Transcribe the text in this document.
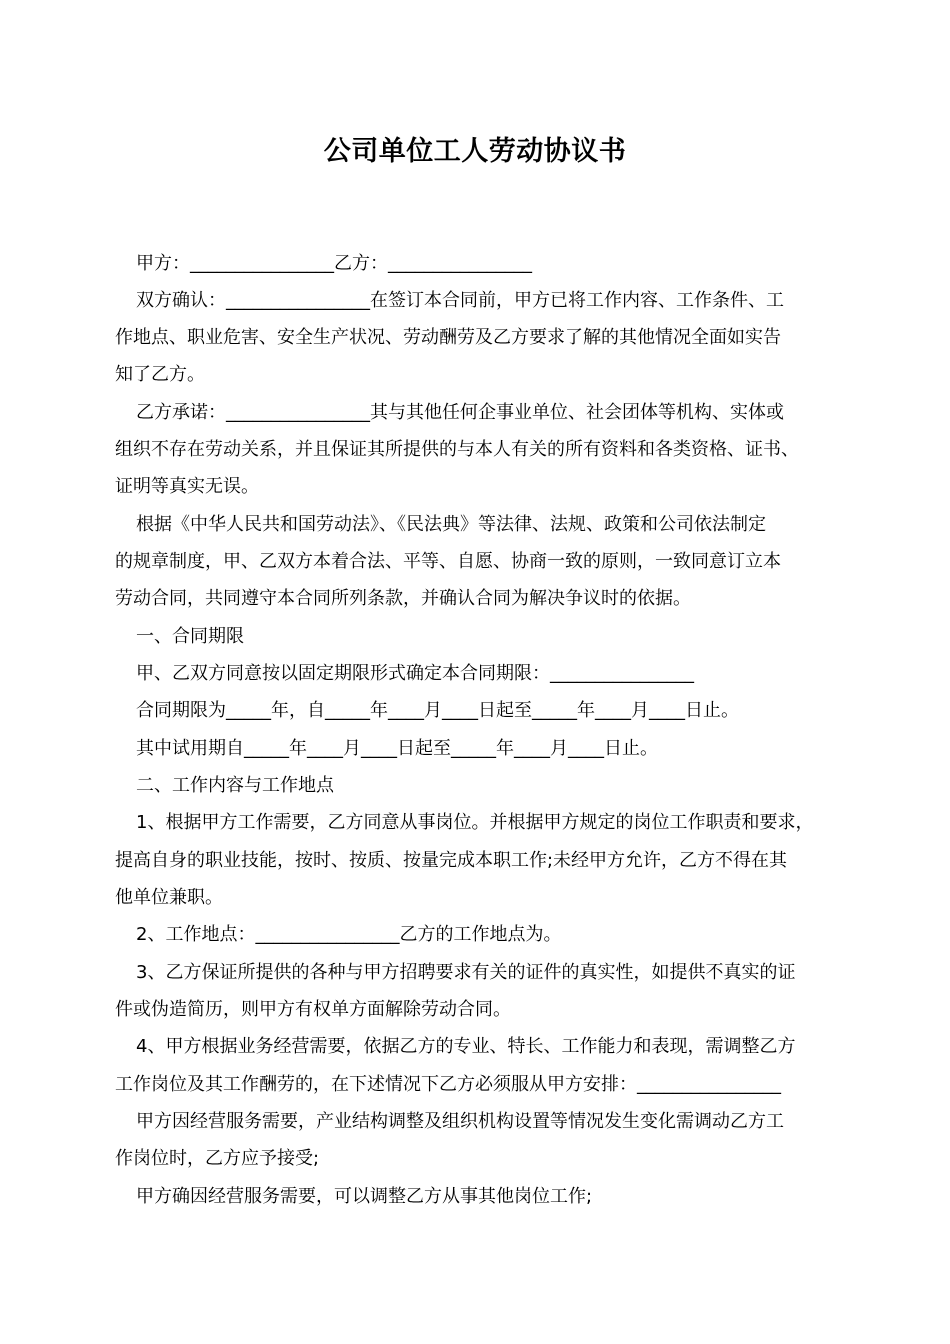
公司单位工人劳动协议书
甲方：________________乙方：________________
双方确认：________________在签订本合同前，甲方已将工作内容、工作条件、工
作地点、职业危害、安全生产状况、劳动酬劳及乙方要求了解的其他情况全面如实告
知了乙方。
乙方承诺：________________其与其他任何企事业单位、社会团体等机构、实体或
组织不存在劳动关系，并且保证其所提供的与本人有关的所有资料和各类资格、证书、
证明等真实无误。
根据《中华人民共和国劳动法》、《民法典》等法律、法规、政策和公司依法制定
的规章制度，甲、乙双方本着合法、平等、自愿、协商一致的原则，一致同意订立本
劳动合同，共同遵守本合同所列条款，并确认合同为解决争议时的依据。
一、合同期限
甲、乙双方同意按以固定期限形式确定本合同期限：________________
合同期限为_____年，自_____年____月____日起至_____年____月____日止。
其中试用期自_____年____月____日起至_____年____月____日止。
二、工作内容与工作地点
1、根据甲方工作需要，乙方同意从事岗位。并根据甲方规定的岗位工作职责和要求，
提高自身的职业技能，按时、按质、按量完成本职工作;未经甲方允许，乙方不得在其
他单位兼职。
2、工作地点：________________乙方的工作地点为。
3、乙方保证所提供的各种与甲方招聘要求有关的证件的真实性，如提供不真实的证
件或伪造简历，则甲方有权单方面解除劳动合同。
4、甲方根据业务经营需要，依据乙方的专业、特长、工作能力和表现，需调整乙方
工作岗位及其工作酬劳的，在下述情况下乙方必须服从甲方安排：________________
甲方因经营服务需要，产业结构调整及组织机构设置等情况发生变化需调动乙方工
作岗位时，乙方应予接受;
甲方确因经营服务需要，可以调整乙方从事其他岗位工作;
